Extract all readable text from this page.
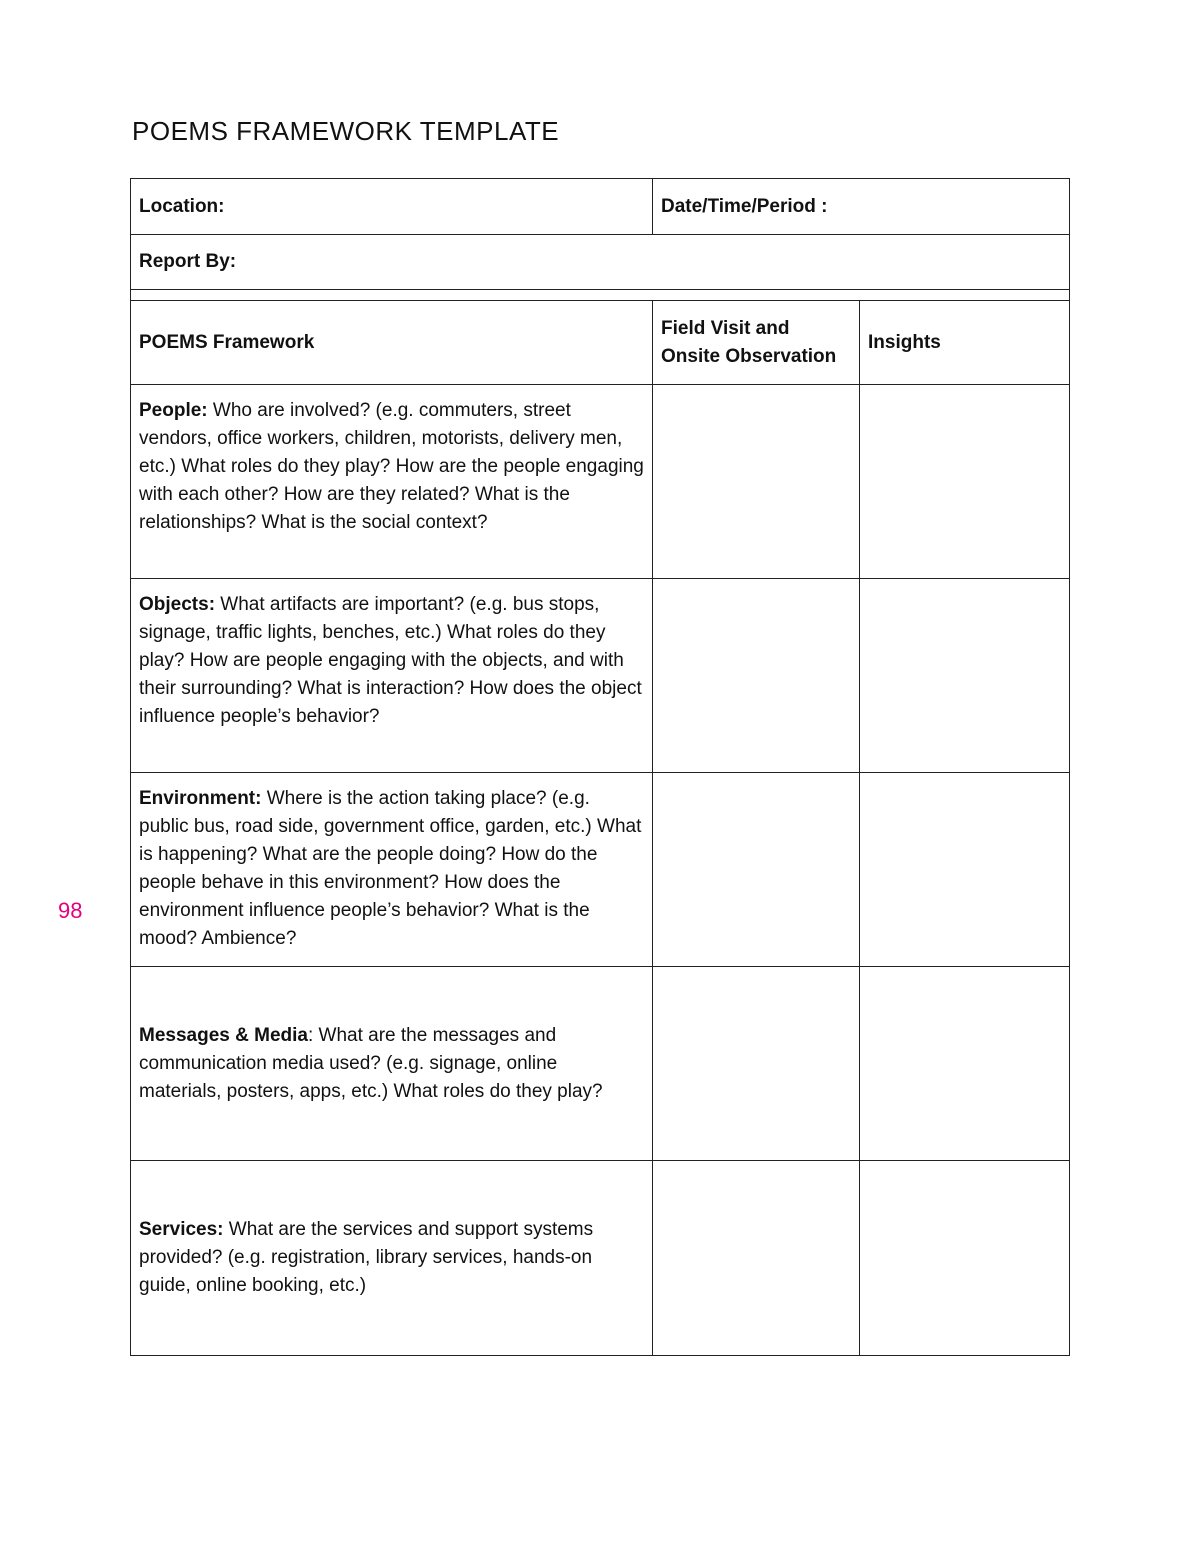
POEMS FRAMEWORK TEMPLATE
98
Location:	Date/Time/Period :
Report By:
POEMS Framework
Field Visit and
Onsite Observation
Insights
People: Who are involved? (e.g. commuters, street vendors, office workers, children, motorists, delivery men, etc.) What roles do they play? How are the people engaging with each other? How are they related? What is the relationships? What is the social context?
Objects: What artifacts are important? (e.g. bus stops, signage, traffic lights, benches, etc.) What roles do they play? How are people engaging with the objects, and with their surrounding? What is interaction? How does the object influence people’s behavior?
Environment: Where is the action taking place? (e.g. public bus, road side, government office, garden, etc.) What is happening? What are the people doing? How do the people behave in this environment? How does the environment influence people’s behavior? What is the mood? Ambience?
Messages & Media: What are the messages and communication media used? (e.g. signage, online materials, posters, apps, etc.) What roles do they play?
Services: What are the services and support systems provided? (e.g. registration, library services, hands-on guide, online booking, etc.)
